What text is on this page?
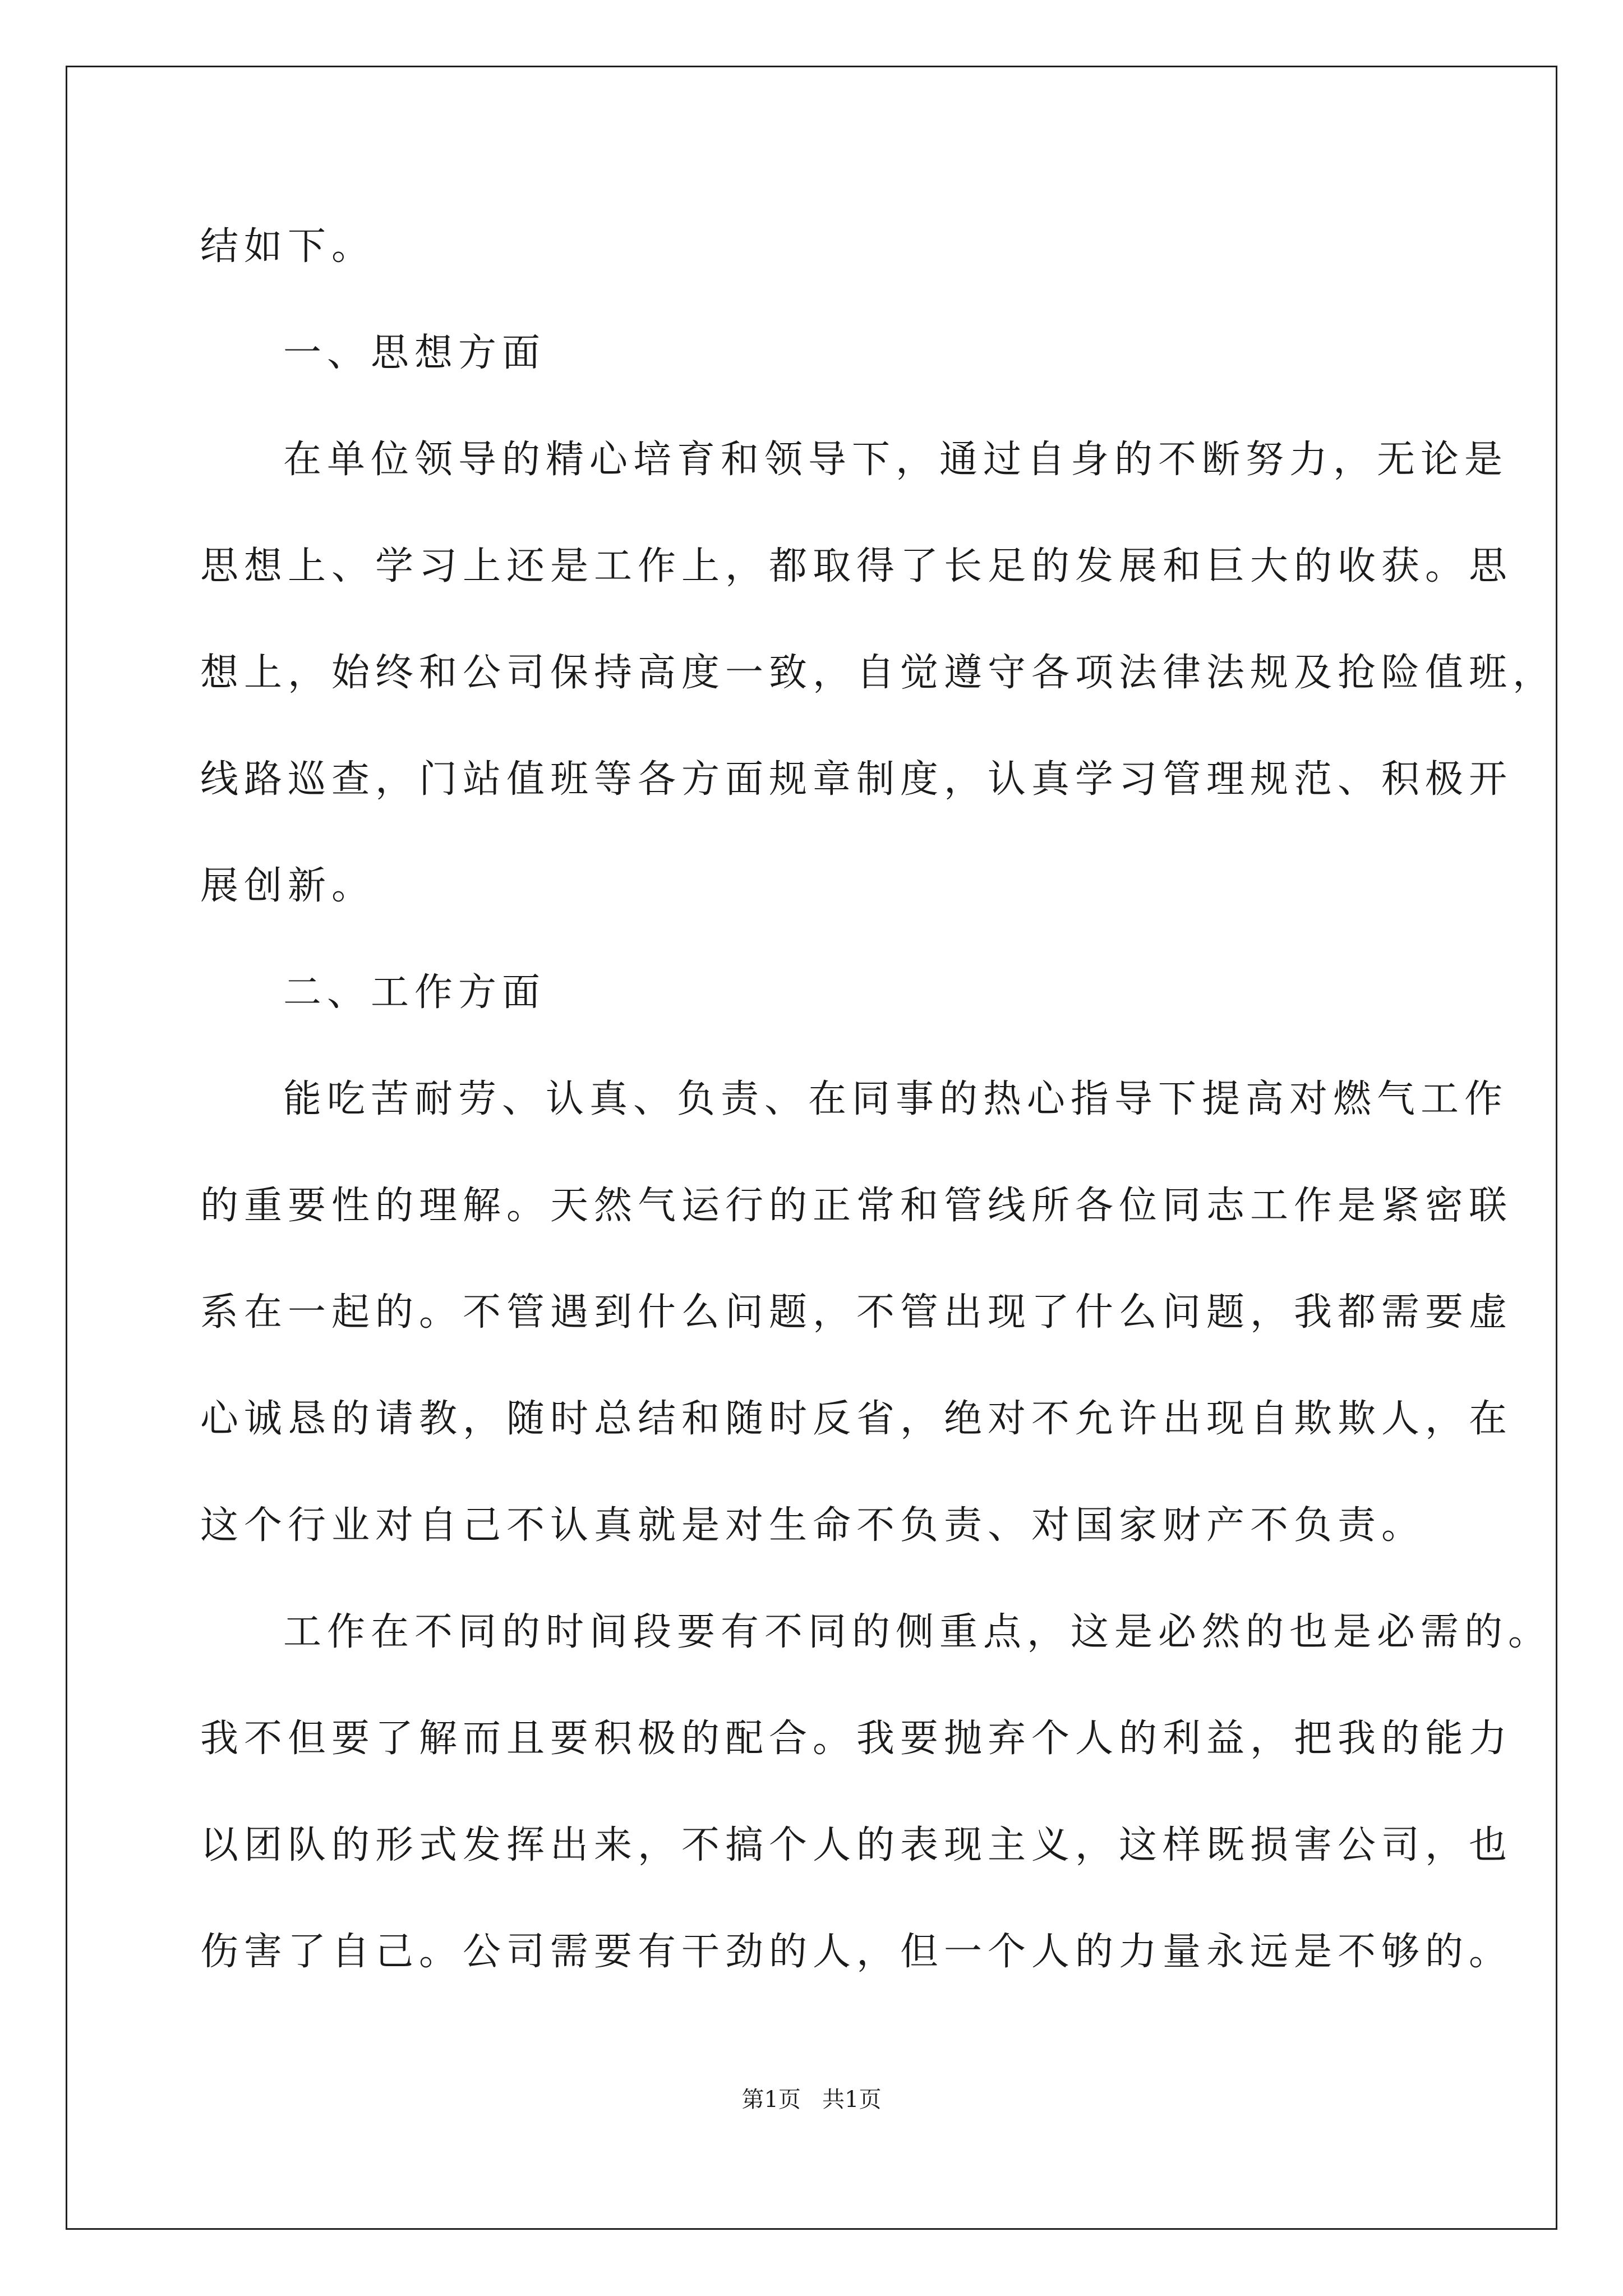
结如下。
一、思想方面
在单位领导的精心培育和领导下，通过自身的不断努力，无论是
思想上、学习上还是工作上，都取得了长足的发展和巨大的收获。思
想上，始终和公司保持高度一致，自觉遵守各项法律法规及抢险值班，
线路巡查，门站值班等各方面规章制度，认真学习管理规范、积极开
展创新。
二、工作方面
能吃苦耐劳、认真、负责、在同事的热心指导下提高对燃气工作
的重要性的理解。天然气运行的正常和管线所各位同志工作是紧密联
系在一起的。不管遇到什么问题，不管出现了什么问题，我都需要虚
心诚恳的请教，随时总结和随时反省，绝对不允许出现自欺欺人，在
这个行业对自己不认真就是对生命不负责、对国家财产不负责。
工作在不同的时间段要有不同的侧重点，这是必然的也是必需的。
我不但要了解而且要积极的配合。我要抛弃个人的利益，把我的能力
以团队的形式发挥出来，不搞个人的表现主义，这样既损害公司，也
伤害了自己。公司需要有干劲的人，但一个人的力量永远是不够的。
第1页   共1页
